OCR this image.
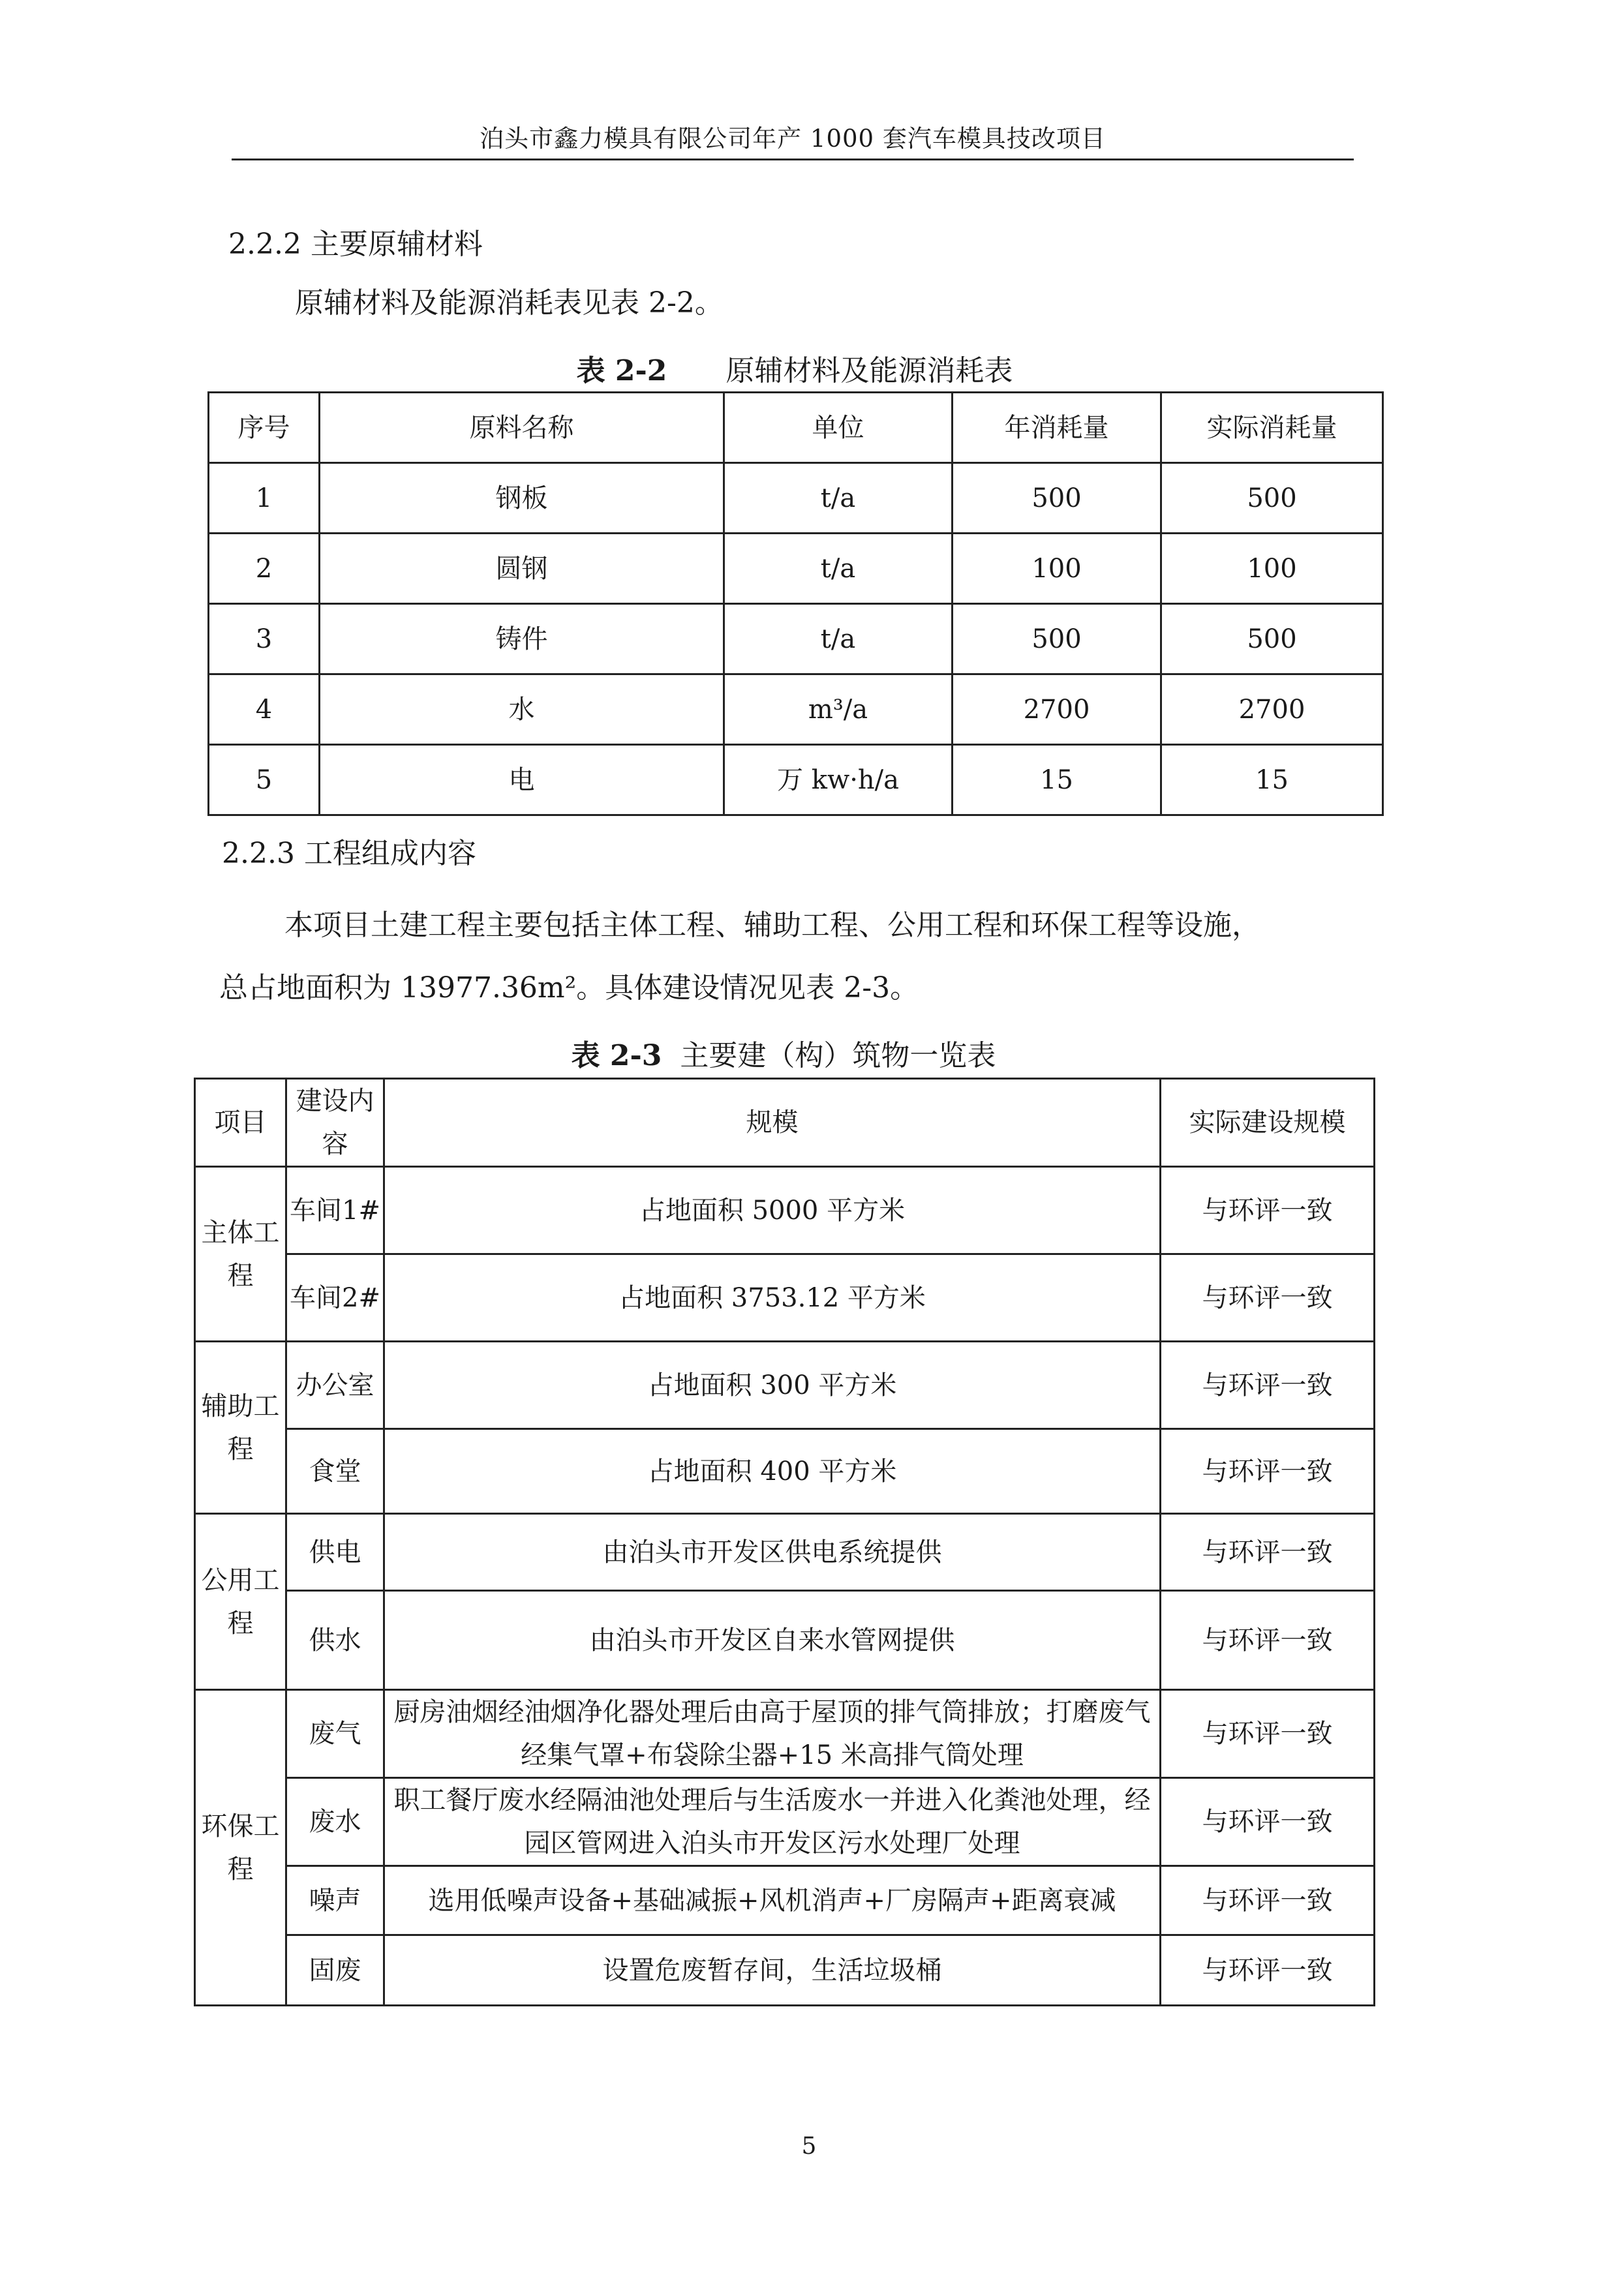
泊头市鑫力模具有限公司年产 1000 套汽车模具技改项目
2.2.2 主要原辅材料
原辅材料及能源消耗表见表 2-2。
表 2-2 原辅材料及能源消耗表
序号	原料名称	单位	年消耗量	实际消耗量
1	钢板	t/a	500	500
2	圆钢	t/a	100	100
3	铸件	t/a	500	500
4	水	m³/a	2700	2700
5	电	万 kw·h/a	15	15
2.2.3 工程组成内容
本项目土建工程主要包括主体工程、辅助工程、公用工程和环保工程等设施，
总占地面积为 13977.36m²。具体建设情况见表 2-3。
表 2-3 主要建（构）筑物一览表
项目	建设内容	规模	实际建设规模
主体工程	车间1#	占地面积 5000 平方米	与环评一致
	车间2#	占地面积 3753.12 平方米	与环评一致
辅助工程	办公室	占地面积 300 平方米	与环评一致
	食堂	占地面积 400 平方米	与环评一致
公用工程	供电	由泊头市开发区供电系统提供	与环评一致
	供水	由泊头市开发区自来水管网提供	与环评一致
环保工程	废气	厨房油烟经油烟净化器处理后由高于屋顶的排气筒排放；打磨废气经集气罩+布袋除尘器+15 米高排气筒处理	与环评一致
	废水	职工餐厅废水经隔油池处理后与生活废水一并进入化粪池处理，经园区管网进入泊头市开发区污水处理厂处理	与环评一致
	噪声	选用低噪声设备+基础减振+风机消声+厂房隔声+距离衰减	与环评一致
	固废	设置危废暂存间，生活垃圾桶	与环评一致
5
